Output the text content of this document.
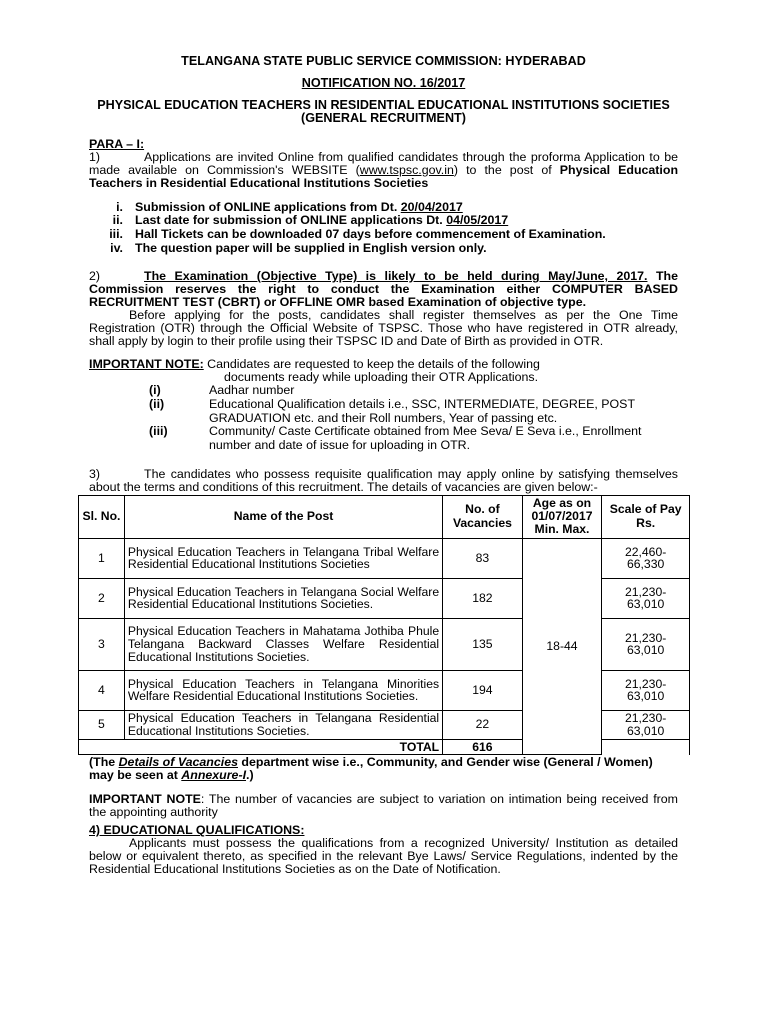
TELANGANA STATE PUBLIC SERVICE COMMISSION: HYDERABAD
NOTIFICATION NO. 16/2017
PHYSICAL EDUCATION TEACHERS IN RESIDENTIAL EDUCATIONAL INSTITUTIONS SOCIETIES
(GENERAL RECRUITMENT)
PARA – I:
1)	Applications are invited Online from qualified candidates through the proforma Application to be made available on Commission's WEBSITE (www.tspsc.gov.in) to the post of Physical Education Teachers in Residential Educational Institutions Societies
i. Submission of ONLINE applications from Dt. 20/04/2017
ii. Last date for submission of ONLINE applications Dt. 04/05/2017
iii. Hall Tickets can be downloaded 07 days before commencement of Examination.
iv. The question paper will be supplied in English version only.
2)	The Examination (Objective Type) is likely to be held during May/June, 2017. The Commission reserves the right to conduct the Examination either COMPUTER BASED RECRUITMENT TEST (CBRT) or OFFLINE OMR based Examination of objective type.
Before applying for the posts, candidates shall register themselves as per the One Time Registration (OTR) through the Official Website of TSPSC. Those who have registered in OTR already, shall apply by login to their profile using their TSPSC ID and Date of Birth as provided in OTR.
IMPORTANT NOTE: Candidates are requested to keep the details of the following
documents ready while uploading their OTR Applications.
(i)	Aadhar number
(ii)	Educational Qualification details i.e., SSC, INTERMEDIATE, DEGREE, POST GRADUATION etc. and their Roll numbers, Year of passing etc.
(iii)	Community/ Caste Certificate obtained from Mee Seva/ E Seva i.e., Enrollment number and date of issue for uploading in OTR.
3)	The candidates who possess requisite qualification may apply online by satisfying themselves about the terms and conditions of this recruitment. The details of vacancies are given below:-
Sl. No.	Name of the Post	No. of Vacancies	Age as on 01/07/2017 Min. Max.	Scale of Pay Rs.
1	Physical Education Teachers in Telangana Tribal Welfare Residential Educational Institutions Societies	83	18-44	22,460- 66,330
2	Physical Education Teachers in Telangana Social Welfare Residential Educational Institutions Societies.	182		21,230- 63,010
3	Physical Education Teachers in Mahatama Jothiba Phule Telangana Backward Classes Welfare Residential Educational Institutions Societies.	135		21,230- 63,010
4	Physical Education Teachers in Telangana Minorities Welfare Residential Educational Institutions Societies.	194		21,230- 63,010
5	Physical Education Teachers in Telangana Residential Educational Institutions Societies.	22		21,230- 63,010
TOTAL		616		
(The Details of Vacancies department wise i.e., Community, and Gender wise (General / Women) may be seen at Annexure-I.)
IMPORTANT NOTE: The number of vacancies are subject to variation on intimation being received from the appointing authority
4) EDUCATIONAL QUALIFICATIONS:
Applicants must possess the qualifications from a recognized University/ Institution as detailed below or equivalent thereto, as specified in the relevant Bye Laws/ Service Regulations, indented by the Residential Educational Institutions Societies as on the Date of Notification.
